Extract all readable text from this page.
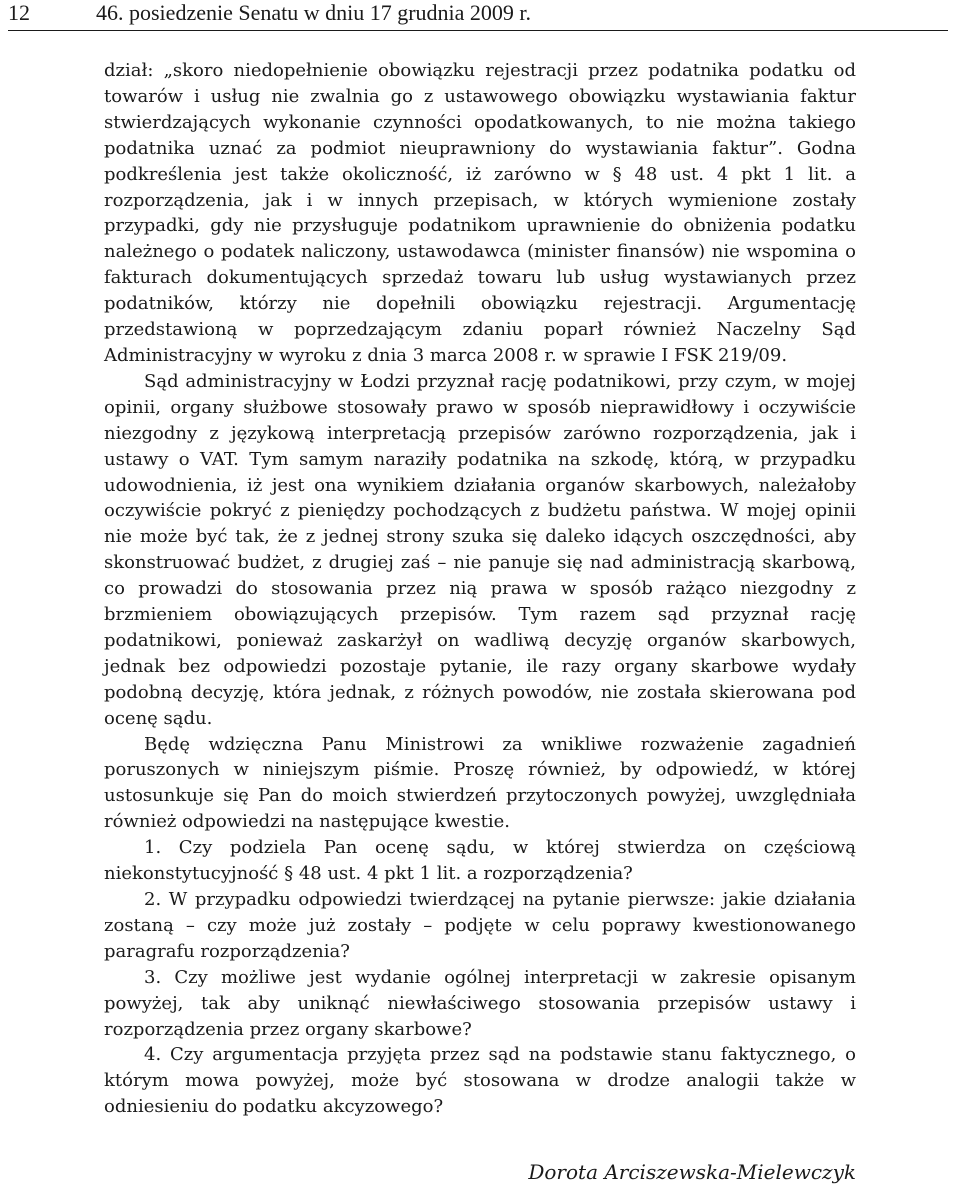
12	46. posiedzenie Senatu w dniu 17 grudnia 2009 r.

dział: „skoro niedopełnienie obowiązku rejestracji przez podatnika podatku od towarów i usług nie zwalnia go z ustawowego obowiązku wystawiania faktur stwierdzających wykonanie czynności opodatkowanych, to nie można takiego podatnika uznać za podmiot nieuprawniony do wystawiania faktur”. Godna podkreślenia jest także okoliczność, iż zarówno w § 48 ust. 4 pkt 1 lit. a rozporządzenia, jak i w innych przepisach, w których wymienione zostały przypadki, gdy nie przysługuje podatnikom uprawnienie do obniżenia podatku należnego o podatek naliczony, ustawodawca (minister finansów) nie wspomina o fakturach dokumentujących sprzedaż towaru lub usług wystawianych przez podatników, którzy nie dopełnili obowiązku rejestracji. Argumentację przedstawioną w poprzedzającym zdaniu poparł również Naczelny Sąd Administracyjny w wyroku z dnia 3 marca 2008 r. w sprawie I FSK 219/09.

Sąd administracyjny w Łodzi przyznał rację podatnikowi, przy czym, w mojej opinii, organy służbowe stosowały prawo w sposób nieprawidłowy i oczywiście niezgodny z językową interpretacją przepisów zarówno rozporządzenia, jak i ustawy o VAT. Tym samym naraziły podatnika na szkodę, którą, w przypadku udowodnienia, iż jest ona wynikiem działania organów skarbowych, należałoby oczywiście pokryć z pieniędzy pochodzących z budżetu państwa. W mojej opinii nie może być tak, że z jednej strony szuka się daleko idących oszczędności, aby skonstruować budżet, z drugiej zaś – nie panuje się nad administracją skarbową, co prowadzi do stosowania przez nią prawa w sposób rażąco niezgodny z brzmieniem obowiązujących przepisów. Tym razem sąd przyznał rację podatnikowi, ponieważ zaskarżył on wadliwą decyzję organów skarbowych, jednak bez odpowiedzi pozostaje pytanie, ile razy organy skarbowe wydały podobną decyzję, która jednak, z różnych powodów, nie została skierowana pod ocenę sądu.

Będę wdzięczna Panu Ministrowi za wnikliwe rozważenie zagadnień poruszonych w niniejszym piśmie. Proszę również, by odpowiedź, w której ustosunkuje się Pan do moich stwierdzeń przytoczonych powyżej, uwzględniała również odpowiedzi na następujące kwestie.

1. Czy podziela Pan ocenę sądu, w której stwierdza on częściową niekonstytucyjność § 48 ust. 4 pkt 1 lit. a rozporządzenia?

2. W przypadku odpowiedzi twierdzącej na pytanie pierwsze: jakie działania zostaną – czy może już zostały – podjęte w celu poprawy kwestionowanego paragrafu rozporządzenia?

3. Czy możliwe jest wydanie ogólnej interpretacji w zakresie opisanym powyżej, tak aby uniknąć niewłaściwego stosowania przepisów ustawy i rozporządzenia przez organy skarbowe?

4. Czy argumentacja przyjęta przez sąd na podstawie stanu faktycznego, o którym mowa powyżej, może być stosowana w drodze analogii także w odniesieniu do podatku akcyzowego?

Dorota Arciszewska-Mielewczyk
